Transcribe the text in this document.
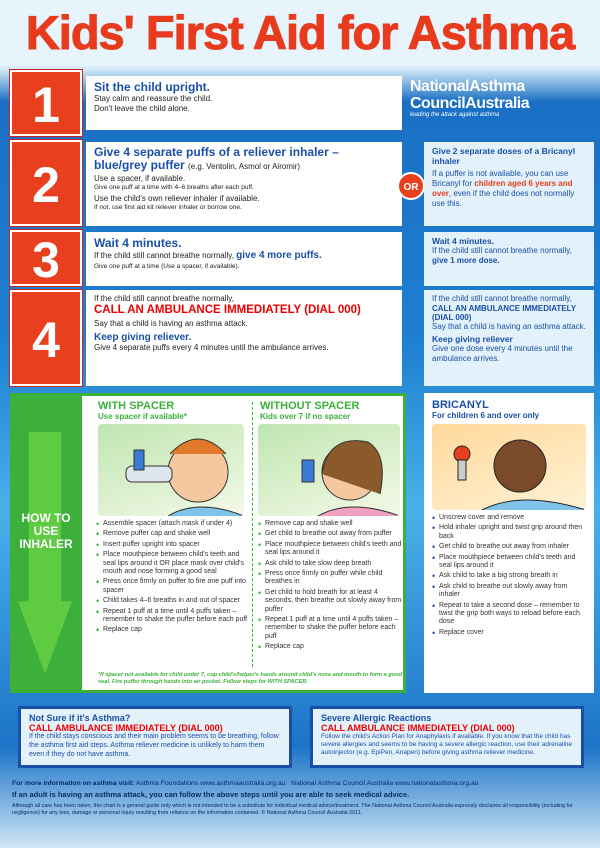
Kids' First Aid for Asthma
NationalAsthma
CouncilAustralia
leading the attack against asthma
1	Sit the child upright.
Stay calm and reassure the child.
Don't leave the child alone.
2
Give 4 separate puffs of a reliever inhaler – blue/grey puffer (e.g. Ventolin, Asmol or Airomir)
Use a spacer, if available.
Give one puff at a time with 4–6 breaths after each puff.
Use the child's own reliever inhaler if available.
If not, use first aid kit reliever inhaler or borrow one.
3	Wait 4 minutes.
If the child still cannot breathe normally, give 4 more puffs.
Give one puff at a time (Use a spacer, if available).
4
If the child still cannot breathe normally,
CALL AN AMBULANCE IMMEDIATELY (DIAL 000)
Say that a child is having an asthma attack.
Keep giving reliever.
Give 4 separate puffs every 4 minutes until the ambulance arrives.
OR
Give 2 separate doses of a Bricanyl inhaler
If a puffer is not available, you can use Bricanyl for children aged 6 years and over, even if the child does not normally use this.
Wait 4 minutes.
If the child still cannot breathe normally,
give 1 more dose.
If the child still cannot breathe normally,
CALL AN AMBULANCE IMMEDIATELY (DIAL 000)
Say that a child is having an asthma attack.
Keep giving reliever
Give one dose every 4 minutes until the ambulance arrives.
HOW TO USE INHALER
WITH SPACER
Use spacer if available*
• Assemble spacer (attach mask if under 4)
• Remove puffer cap and shake well
• Insert puffer upright into spacer
• Place mouthpiece between child's teeth and seal lips around it OR place mask over child's mouth and nose forming a good seal
• Press once firmly on puffer to fire one puff into spacer
• Child takes 4–6 breaths in and out of spacer
• Repeat 1 puff at a time until 4 puffs taken – remember to shake the puffer before each puff
• Replace cap
WITHOUT SPACER
Kids over 7 if no spacer
• Remove cap and shake well
• Get child to breathe out away from puffer
• Place mouthpiece between child's teeth and seal lips around it
• Ask child to take slow deep breath
• Press once firmly on puffer while child breathes in
• Get child to hold breath for at least 4 seconds, then breathe out slowly away from puffer
• Repeat 1 puff at a time until 4 puffs taken – remember to shake the puffer before each puff
• Replace cap
*If spacer not available for child under 7, cup child's/helper's hands around child's nose and mouth to form a good seal. Fire puffer through hands into air pocket. Follow steps for WITH SPACER.
BRICANYL
For children 6 and over only
• Unscrew cover and remove
• Hold inhaler upright and twist grip around then back
• Get child to breathe out away from inhaler
• Place mouthpiece between child's teeth and seal lips around it
• Ask child to take a big strong breath in
• Ask child to breathe out slowly away from inhaler
• Repeat to take a second dose – remember to twist the grip both ways to reload before each dose
• Replace cover
Not Sure if it's Asthma?
CALL AMBULANCE IMMEDIATELY (DIAL 000)
If the child stays conscious and their main problem seems to be breathing, follow the asthma first aid steps. Asthma reliever medicine is unlikely to harm them even if they do not have asthma.
Severe Allergic Reactions
CALL AMBULANCE IMMEDIATELY (DIAL 000)
Follow the child's Action Plan for Anaphylaxis if available. If you know that the child has severe allergies and seems to be having a severe allergic reaction, use their adrenaline autoinjector (e.g. EpiPen, Anapen) before giving asthma reliever medicine.
For more information on asthma visit: Asthma Foundations www.asthmaaustralia.org.au National Asthma Council Australia www.nationalasthma.org.au
If an adult is having an asthma attack, you can follow the above steps until you are able to seek medical advice.
Although all care has been taken, this chart is a general guide only which is not intended to be a substitute for individual medical advice/treatment. The National Asthma Council Australia expressly disclaims all responsibility (including for negligence) for any loss, damage or personal injury resulting from reliance on the information contained. © National Asthma Council Australia 2011.
